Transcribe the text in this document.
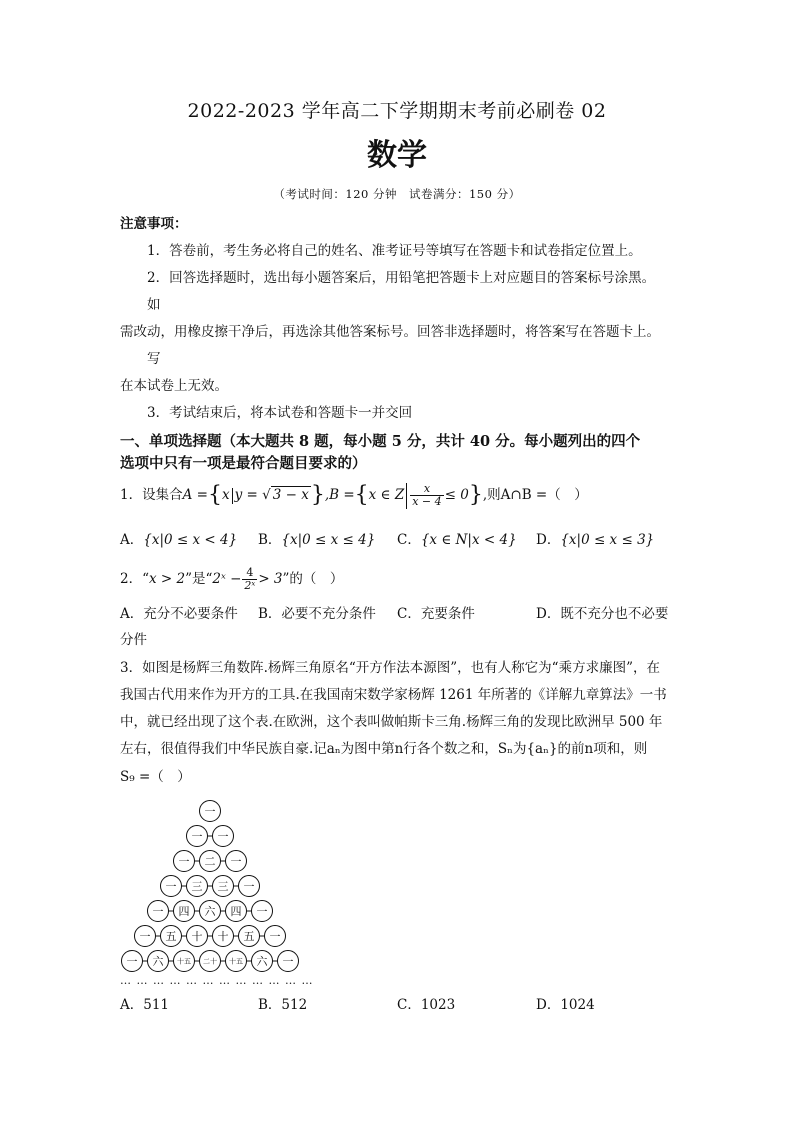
2022-2023 学年高二下学期期末考前必刷卷 02
数学
（考试时间：120 分钟　试卷满分：150 分）
注意事项：
1．答卷前，考生务必将自己的姓名、准考证号等填写在答题卡和试卷指定位置上。
2．回答选择题时，选出每小题答案后，用铅笔把答题卡上对应题目的答案标号涂黑。
如
需改动，用橡皮擦干净后，再选涂其他答案标号。回答非选择题时，将答案写在答题卡上。
写
在本试卷上无效。
3．考试结束后，将本试卷和答题卡一并交回
一、单项选择题（本大题共 8 题，每小题 5 分，共计 40 分。每小题列出的四个
选项中只有一项是最符合题目要求的）
1．设集合A ={x y = √ 3 − x},B ={x ∈ Z $\frac{x}{x - 4} \le 0$},则A∩B =（　）
A．{x|0 ≤ x < 4} B．{x|0 ≤ x ≤ 4} C．{x ∈ N|x < 4} D．{x|0 ≤ x ≤ 3}
2．“x > 2”是“2ˣ − $\frac{4}{\text{2ˣ}} > 3$”的（　）
A．充分不必要条件 B．必要不充分条件 C．充要条件	D．既不充分也不必要
分件
3．如图是杨辉三角数阵.杨辉三角原名“开方作法本源图”，也有人称它为“乘方求廉图”，在
我国古代用来作为开方的工具.在我国南宋数学家杨辉 1261 年所著的《详解九章算法》一书
中，就已经出现了这个表.在欧洲，这个表叫做帕斯卡三角.杨辉三角的发现比欧洲早 500 年
左右，很值得我们中华民族自豪.记aₙ为图中第n行各个数之和，Sₙ为{aₙ}的前n项和，则
S₉ =（　）
一
一 一
一 二 一
一 三 三 一
一 四 六 四 一
一 五 十 十 五 一
一 六 十五 二十 十五 六 一
… … … … … … … … … … … …
A．511	B．512	C．1023	D．1024
